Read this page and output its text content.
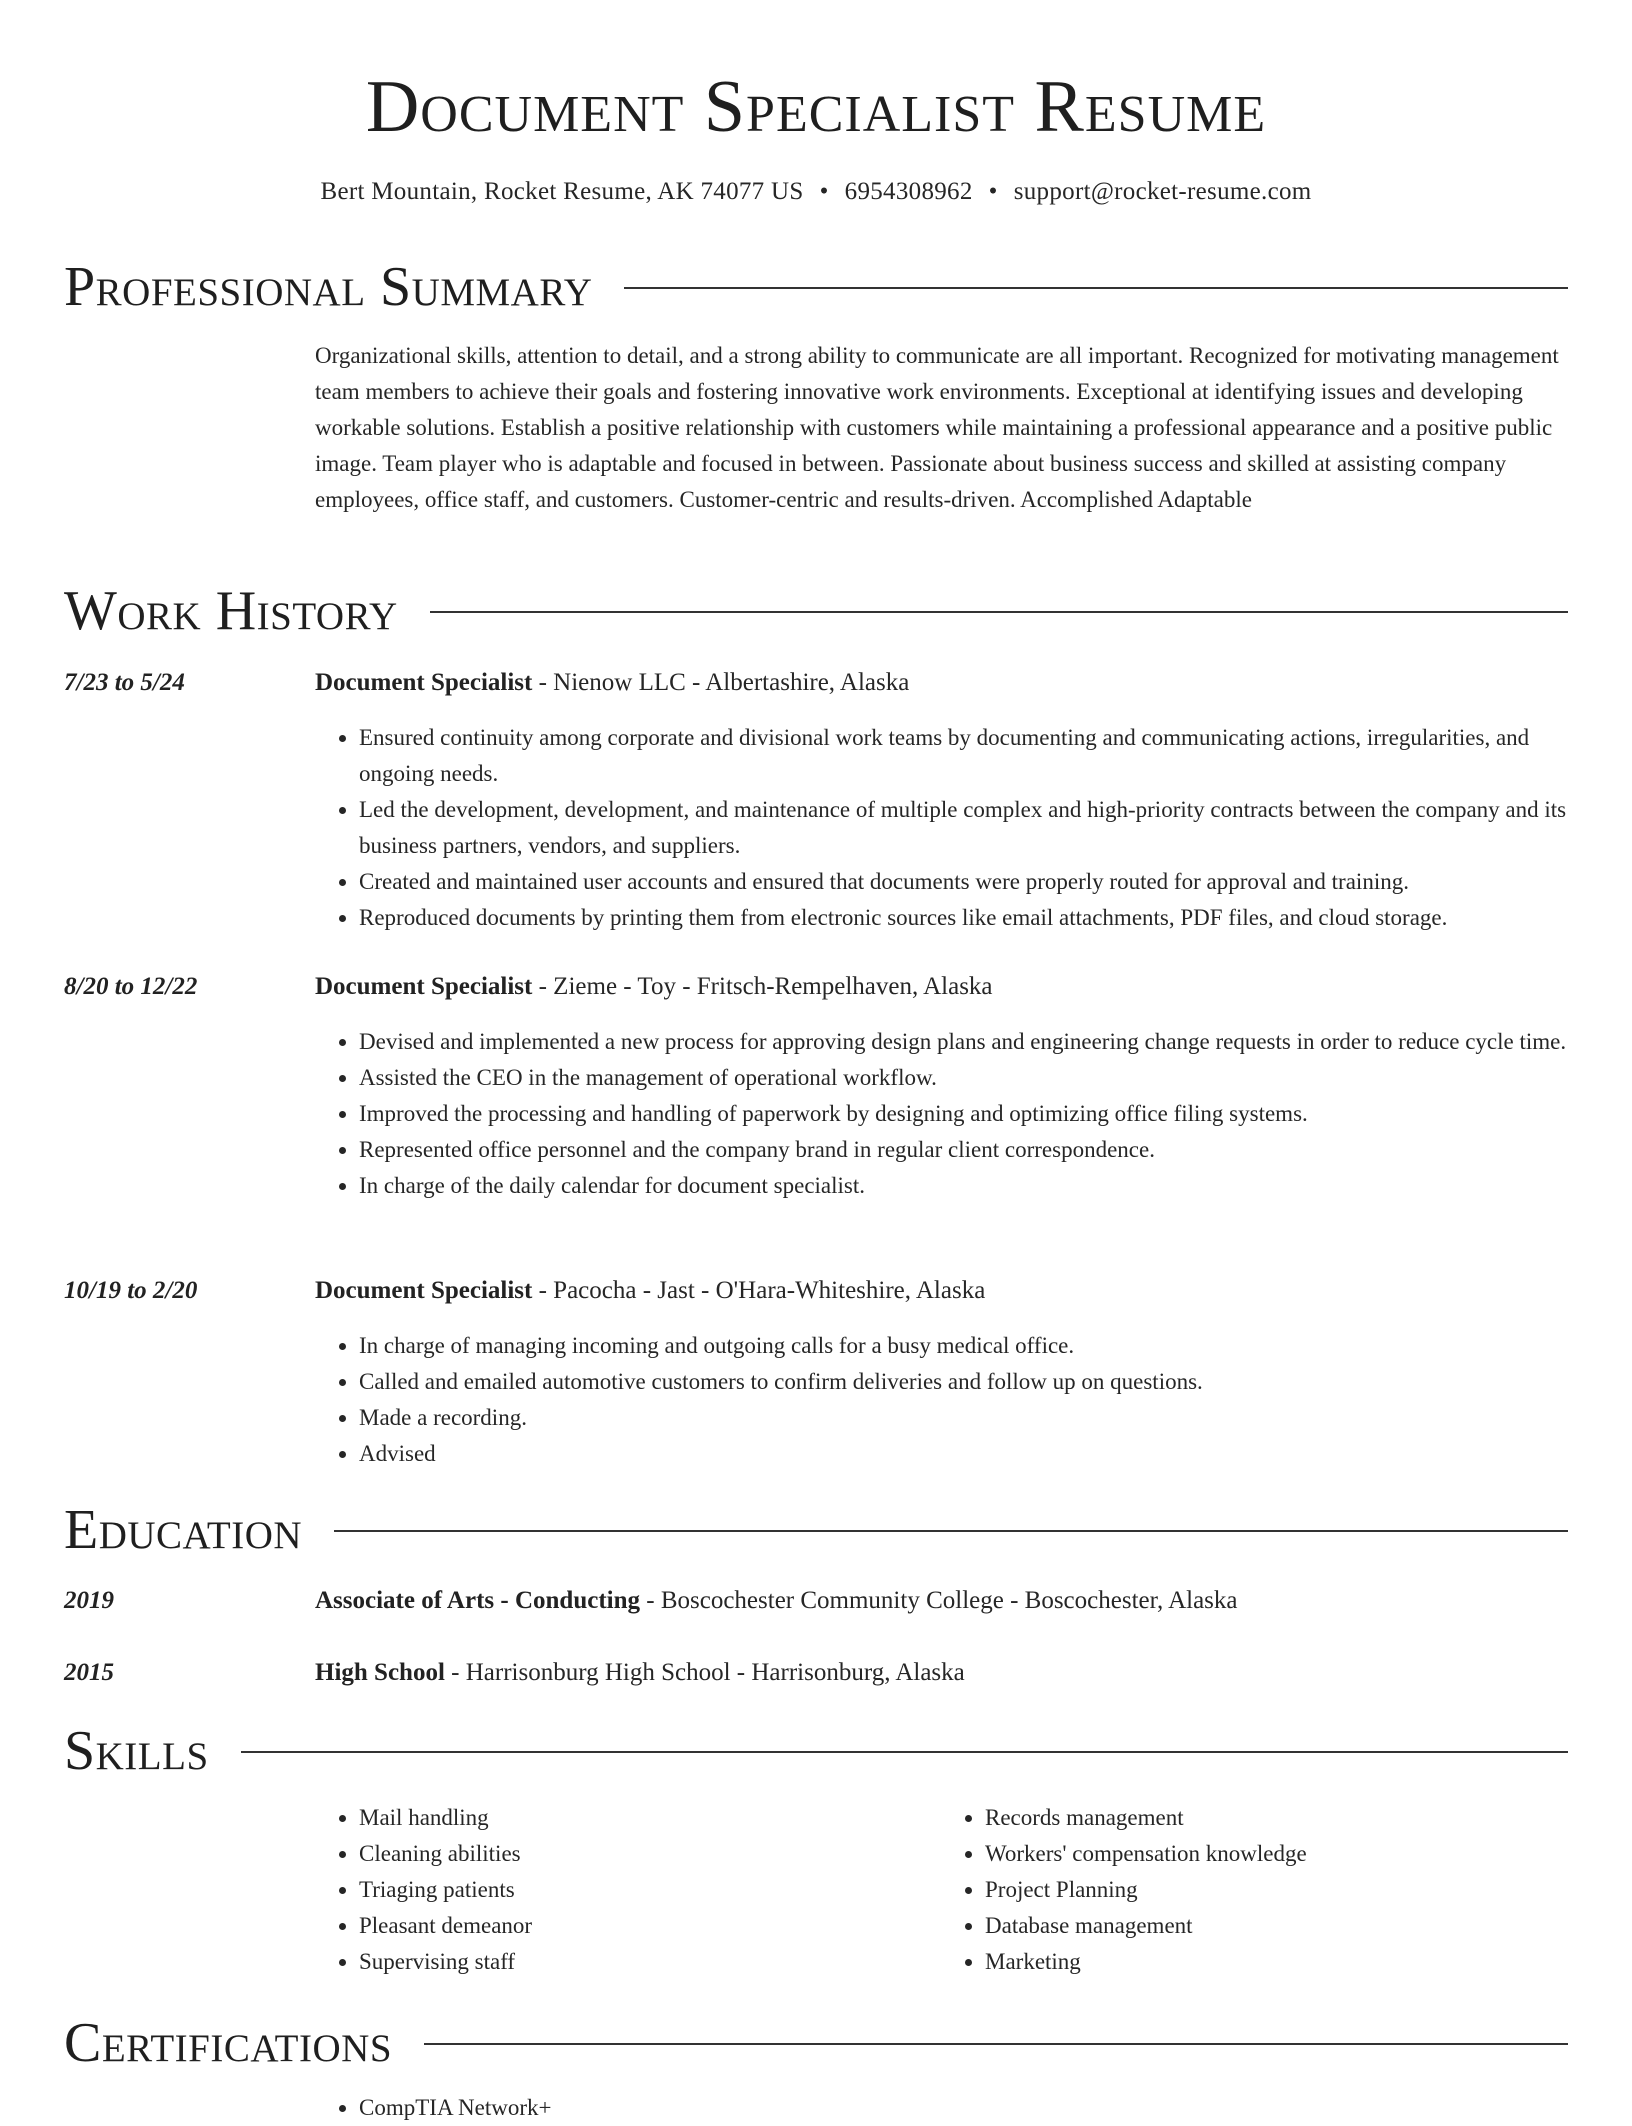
Document Specialist Resume
Bert Mountain, Rocket Resume, AK 74077 US • 6954308962 • support@rocket-resume.com
Professional Summary
Organizational skills, attention to detail, and a strong ability to communicate are all important. Recognized for motivating management team members to achieve their goals and fostering innovative work environments. Exceptional at identifying issues and developing workable solutions. Establish a positive relationship with customers while maintaining a professional appearance and a positive public image. Team player who is adaptable and focused in between. Passionate about business success and skilled at assisting company employees, office staff, and customers. Customer-centric and results-driven. Accomplished Adaptable
Work History
7/23 to 5/24	Document Specialist - Nienow LLC - Albertashire, Alaska
• Ensured continuity among corporate and divisional work teams by documenting and communicating actions, irregularities, and ongoing needs.
• Led the development, development, and maintenance of multiple complex and high-priority contracts between the company and its business partners, vendors, and suppliers.
• Created and maintained user accounts and ensured that documents were properly routed for approval and training.
• Reproduced documents by printing them from electronic sources like email attachments, PDF files, and cloud storage.
8/20 to 12/22	Document Specialist - Zieme - Toy - Fritsch-Rempelhaven, Alaska
• Devised and implemented a new process for approving design plans and engineering change requests in order to reduce cycle time.
• Assisted the CEO in the management of operational workflow.
• Improved the processing and handling of paperwork by designing and optimizing office filing systems.
• Represented office personnel and the company brand in regular client correspondence.
• In charge of the daily calendar for document specialist.
10/19 to 2/20	Document Specialist - Pacocha - Jast - O'Hara-Whiteshire, Alaska
• In charge of managing incoming and outgoing calls for a busy medical office.
• Called and emailed automotive customers to confirm deliveries and follow up on questions.
• Made a recording.
• Advised
Education
2019	Associate of Arts - Conducting - Boscochester Community College - Boscochester, Alaska
2015	High School - Harrisonburg High School - Harrisonburg, Alaska
Skills
• Mail handling
• Cleaning abilities
• Triaging patients
• Pleasant demeanor
• Supervising staff
• Records management
• Workers' compensation knowledge
• Project Planning
• Database management
• Marketing
Certifications
• CompTIA Network+
